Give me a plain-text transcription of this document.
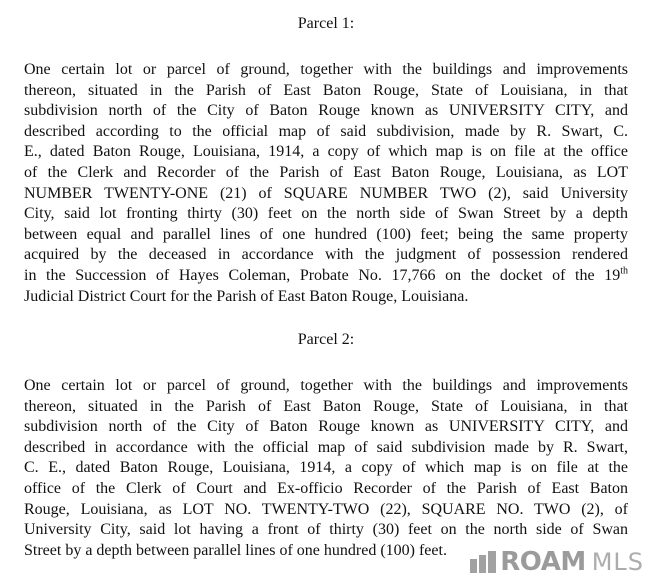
Parcel 1:
One certain lot or parcel of ground, together with the buildings and improvements
thereon, situated in the Parish of East Baton Rouge, State of Louisiana, in that
subdivision north of the City of Baton Rouge known as UNIVERSITY CITY, and
described according to the official map of said subdivision, made by R. Swart, C.
E., dated Baton Rouge, Louisiana, 1914, a copy of which map is on file at the office
of the Clerk and Recorder of the Parish of East Baton Rouge, Louisiana, as LOT
NUMBER TWENTY-ONE (21) of SQUARE NUMBER TWO (2), said University
City, said lot fronting thirty (30) feet on the north side of Swan Street by a depth
between equal and parallel lines of one hundred (100) feet; being the same property
acquired by the deceased in accordance with the judgment of possession rendered
in the Succession of Hayes Coleman, Probate No. 17,766 on the docket of the 19th
Judicial District Court for the Parish of East Baton Rouge, Louisiana.
Parcel 2:
One certain lot or parcel of ground, together with the buildings and improvements
thereon, situated in the Parish of East Baton Rouge, State of Louisiana, in that
subdivision north of the City of Baton Rouge known as UNIVERSITY CITY, and
described in accordance with the official map of said subdivision made by R. Swart,
C. E., dated Baton Rouge, Louisiana, 1914, a copy of which map is on file at the
office of the Clerk of Court and Ex-officio Recorder of the Parish of East Baton
Rouge, Louisiana, as LOT NO. TWENTY-TWO (22), SQUARE NO. TWO (2), of
University City, said lot having a front of thirty (30) feet on the north side of Swan
Street by a depth between parallel lines of one hundred (100) feet.	ROAM MLS
